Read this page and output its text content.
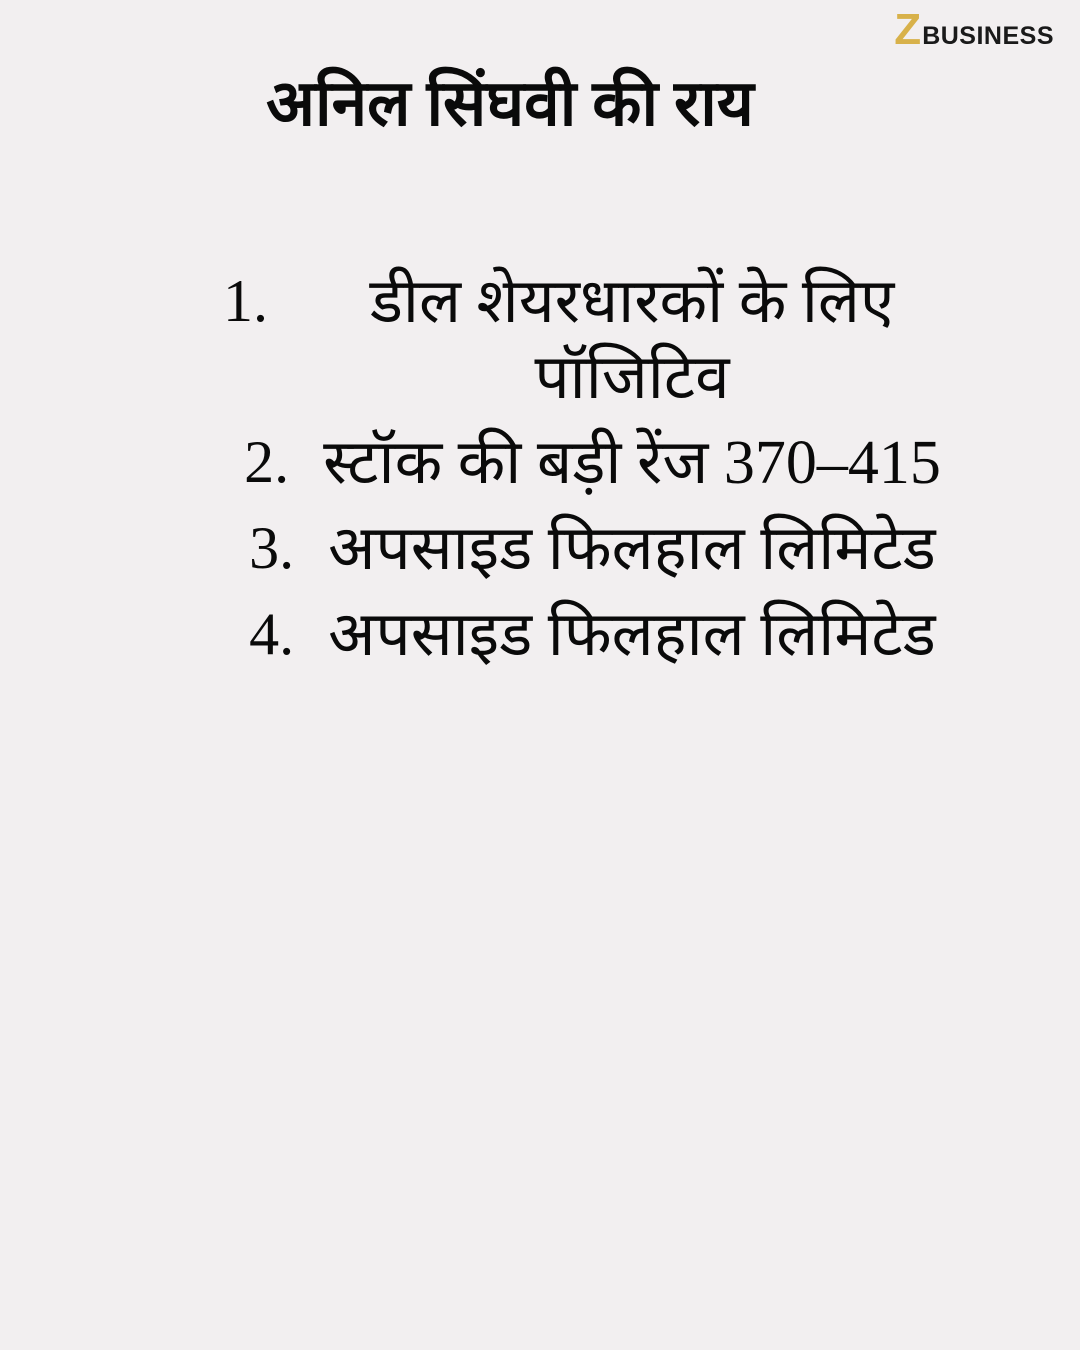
Z BUSINESS
अनिल सिंघवी की राय
1.	डील शेयरधारकों के लिए पॉजिटिव
2. स्टॉक की बड़ी रेंज 370–415
3. अपसाइड फिलहाल लिमिटेड
4. अपसाइड फिलहाल लिमिटेड
